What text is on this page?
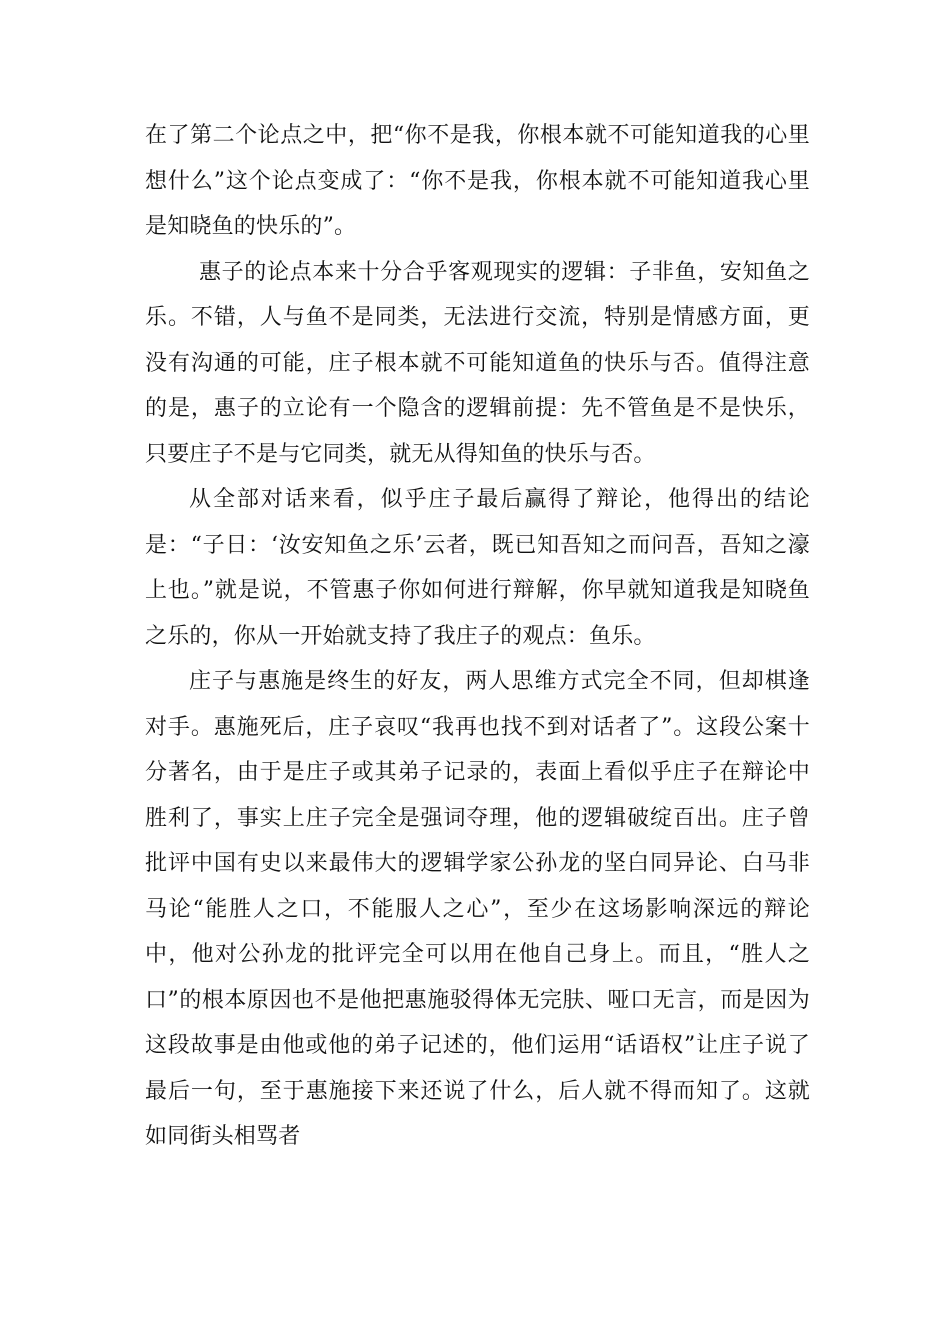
在了第二个论点之中，把“你不是我，你根本就不可能知道我的心里想什么”这个论点变成了：“你不是我，你根本就不可能知道我心里是知晓鱼的快乐的”。

惠子的论点本来十分合乎客观现实的逻辑：子非鱼，安知鱼之乐。不错，人与鱼不是同类，无法进行交流，特别是情感方面，更没有沟通的可能，庄子根本就不可能知道鱼的快乐与否。值得注意的是，惠子的立论有一个隐含的逻辑前提：先不管鱼是不是快乐，只要庄子不是与它同类，就无从得知鱼的快乐与否。

从全部对话来看，似乎庄子最后赢得了辩论，他得出的结论是：“子日：‘汝安知鱼之乐’云者，既已知吾知之而问吾，吾知之濠上也。”就是说，不管惠子你如何进行辩解，你早就知道我是知晓鱼之乐的，你从一开始就支持了我庄子的观点：鱼乐。

庄子与惠施是终生的好友，两人思维方式完全不同，但却棋逢对手。惠施死后，庄子哀叹“我再也找不到对话者了”。这段公案十分著名，由于是庄子或其弟子记录的，表面上看似乎庄子在辩论中胜利了，事实上庄子完全是强词夺理，他的逻辑破绽百出。庄子曾批评中国有史以来最伟大的逻辑学家公孙龙的坚白同异论、白马非马论“能胜人之口，不能服人之心”，至少在这场影响深远的辩论中，他对公孙龙的批评完全可以用在他自己身上。而且，“胜人之口”的根本原因也不是他把惠施驳得体无完肤、哑口无言，而是因为这段故事是由他或他的弟子记述的，他们运用“话语权”让庄子说了最后一句，至于惠施接下来还说了什么，后人就不得而知了。这就如同街头相骂者
